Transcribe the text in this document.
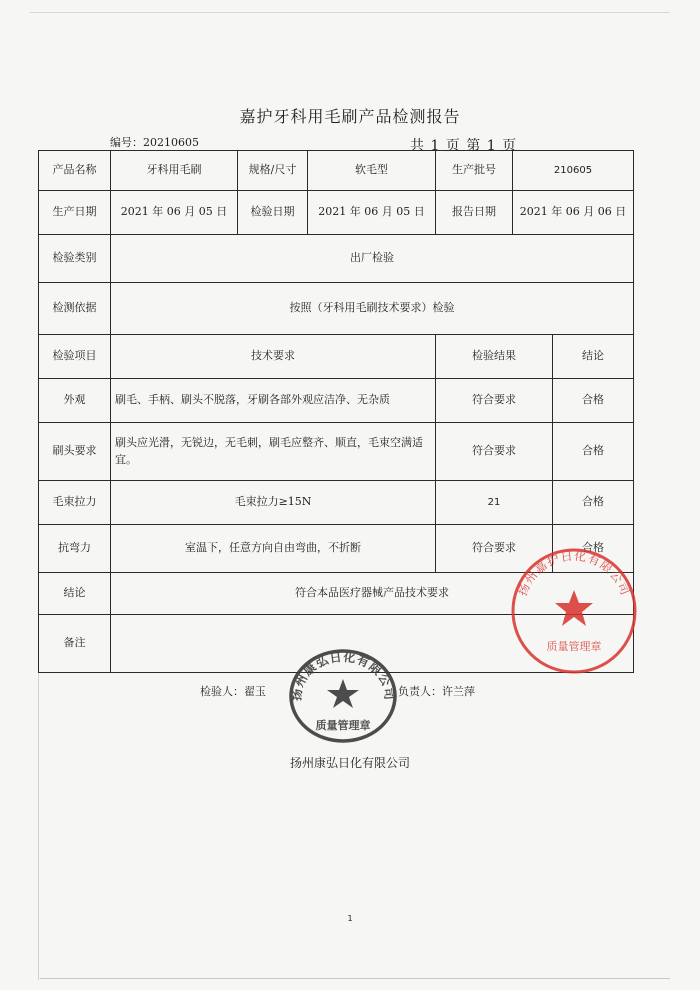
嘉护牙科用毛刷产品检测报告
编号：20210605	共 1 页 第 1 页
产品名称	牙科用毛刷	规格/尺寸	软毛型	生产批号	210605	
生产日期	2021 年 06 月 05 日	检验日期	2021 年 06 月 05 日	报告日期	2021 年 06 月 06 日	
检验类别	出厂检验					
检测依据	按照（牙科用毛刷技术要求）检验					
检验项目	技术要求			检验结果		结论
外观	刷毛、手柄、刷头不脱落，牙刷各部外观应洁净、无杂质			符合要求		合格
刷头要求	刷头应光滑，无锐边，无毛刺，刷毛应整齐、顺直，毛束空满适宜。			符合要求		合格
毛束拉力	毛束拉力≥15N			21		合格
抗弯力	室温下，任意方向自由弯曲，不折断			符合要求		合格
结论	符合本品医疗器械产品技术要求					
备注						
检验人：翟玉	负责人：许兰萍
扬州康弘日化有限公司
1
扬州康弘日化有限公司
质量管理章
扬州嘉护日化有限公司
质量管理章
